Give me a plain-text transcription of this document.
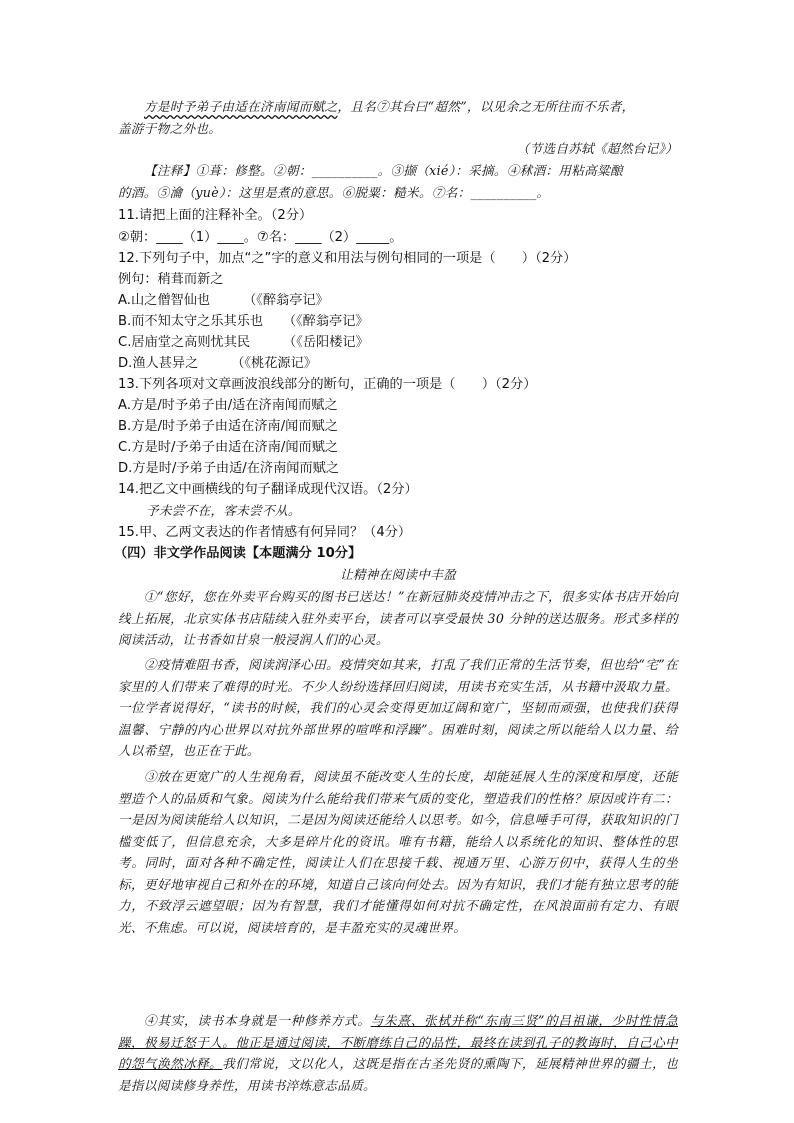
方是时予弟子由适在济南闻而赋之，且名⑦其台曰“超然”，以见余之无所往而不乐者，
盖游于物之外也。
（节选自苏轼《超然台记》）
【注释】①葺：修整。②朝：__________。③撷（xié）：采摘。④秫酒：用粘高粱酿
的酒。⑤瀹（yuè）：这里是煮的意思。⑥脱粟：糙米。⑦名：__________。
11.请把上面的注释补全。（2分）
②朝：____（1）____。⑦名：____（2）_____。
12.下列句子中，加点“之”字的意义和用法与例句相同的一项是（　　）（2分）
例句：稍葺而新之
A.山之僧智仙也　　　（《醉翁亭记》
B.而不知太守之乐其乐也　　（《醉翁亭记》
C.居庙堂之高则忧其民　　　（《岳阳楼记》
D.渔人甚异之　　　（《桃花源记》
13.下列各项对文章画波浪线部分的断句，正确的一项是（　　）（2分）
A.方是/时予弟子由/适在济南闻而赋之
B.方是/时予弟子由适在济南/闻而赋之
C.方是时/予弟子由适在济南/闻而赋之
D.方是时/予弟子由适/在济南闻而赋之
14.把乙文中画横线的句子翻译成现代汉语。（2分）
予未尝不在，客未尝不从。
15.甲、乙两文表达的作者情感有何异同？（4分）
（四）非文学作品阅读【本题满分 10分】
让精神在阅读中丰盈
①“您好，您在外卖平台购买的图书已送达！”在新冠肺炎疫情冲击之下，很多实体书店开始向线上拓展，北京实体书店陆续入驻外卖平台，读者可以享受最快 30 分钟的送达服务。形式多样的阅读活动，让书香如甘泉一般浸润人们的心灵。
②疫情难阻书香，阅读润泽心田。疫情突如其来，打乱了我们正常的生活节奏，但也给“宅”在家里的人们带来了难得的时光。不少人纷纷选择回归阅读，用读书充实生活，从书籍中汲取力量。一位学者说得好，“读书的时候，我们的心灵会变得更加辽阔和宽广，坚韧而顽强，也使我们获得温馨、宁静的内心世界以对抗外部世界的喧哗和浮躁”。困难时刻，阅读之所以能给人以力量、给人以希望，也正在于此。
③放在更宽广的人生视角看，阅读虽不能改变人生的长度，却能延展人生的深度和厚度，还能塑造个人的品质和气象。阅读为什么能给我们带来气质的变化，塑造我们的性格？原因或许有二：一是因为阅读能给人以知识，二是因为阅读还能给人以思考。如今，信息唾手可得，获取知识的门槛变低了，但信息充余，大多是碎片化的资讯。唯有书籍，能给人以系统化的知识、整体性的思考。同时，面对各种不确定性，阅读让人们在思接千载、视通万里、心游万仞中，获得人生的坐标，更好地审视自己和外在的环境，知道自己该向何处去。因为有知识，我们才能有独立思考的能力，不致浮云遮望眼；因为有智慧，我们才能懂得如何对抗不确定性，在风浪面前有定力、有眼光、不焦虑。可以说，阅读培育的，是丰盈充实的灵魂世界。
④其实，读书本身就是一种修养方式。与朱熹、张栻并称“东南三贤”的吕祖谦，少时性情急躁，极易迁怒于人。他正是通过阅读，不断磨练自己的品性，最终在读到孔子的教诲时，自己心中的怨气涣然冰释。我们常说，文以化人，这既是指在古圣先贤的熏陶下，延展精神世界的疆土，也是指以阅读修身养性，用读书淬炼意志品质。
